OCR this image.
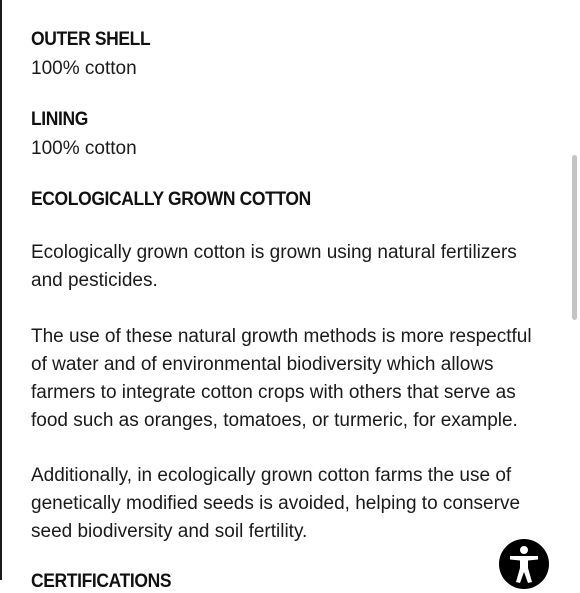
OUTER SHELL
100% cotton
LINING
100% cotton
ECOLOGICALLY GROWN COTTON

Ecologically grown cotton is grown using natural fertilizers and pesticides.

The use of these natural growth methods is more respectful of water and of environmental biodiversity which allows farmers to integrate cotton crops with others that serve as food such as oranges, tomatoes, or turmeric, for example.

Additionally, in ecologically grown cotton farms the use of genetically modified seeds is avoided, helping to conserve seed biodiversity and soil fertility.

CERTIFICATIONS
